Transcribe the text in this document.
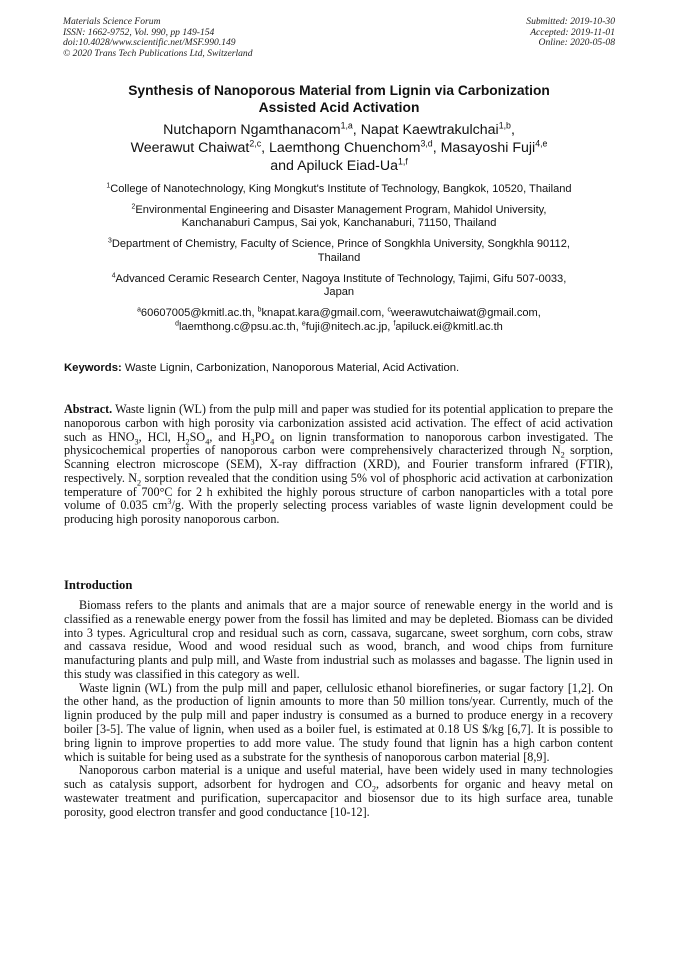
Materials Science Forum
ISSN: 1662-9752, Vol. 990, pp 149-154
doi:10.4028/www.scientific.net/MSF.990.149
© 2020 Trans Tech Publications Ltd, Switzerland
Submitted: 2019-10-30
Accepted: 2019-11-01
Online: 2020-05-08
Synthesis of Nanoporous Material from Lignin via Carbonization
Assisted Acid Activation
Nutchaporn Ngamthanacom$^{1,a}$, Napat Kaewtrakulchai$^{1,b}$,
Weerawut Chaiwat$^{2,c}$, Laemthong Chuenchom$^{3,d}$, Masayoshi Fuji$^{4,e}$
and Apiluck Eiad-Ua$^{1,f}$
$^1$College of Nanotechnology, King Mongkut's Institute of Technology, Bangkok, 10520, Thailand
$^2$Environmental Engineering and Disaster Management Program, Mahidol University,
Kanchanaburi Campus, Sai yok, Kanchanaburi, 71150, Thailand
$^3$Department of Chemistry, Faculty of Science, Prince of Songkhla University, Songkhla 90112,
Thailand
$^4$Advanced Ceramic Research Center, Nagoya Institute of Technology, Tajimi, Gifu 507-0033,
Japan
$^a$60607005@kmitl.ac.th, $^b$knapat.kara@gmail.com, $^c$weerawutchaiwat@gmail.com,
$^d$laemthong.c@psu.ac.th, $^e$fuji@nitech.ac.jp, $^f$apiluck.ei@kmitl.ac.th
Keywords: Waste Lignin, Carbonization, Nanoporous Material, Acid Activation.
Abstract. Waste lignin (WL) from the pulp mill and paper was studied for its potential application to prepare the nanoporous carbon with high porosity via carbonization assisted acid activation. The effect of acid activation such as $HNO_3$, HCl, $H_2SO_4$, and $H_3PO_4$ on lignin transformation to nanoporous carbon investigated. The physicochemical properties of nanoporous carbon were comprehensively characterized through $N_2$ sorption, Scanning electron microscope (SEM), X-ray diffraction (XRD), and Fourier transform infrared (FTIR), respectively. $N_2$ sorption revealed that the condition using 5% vol of phosphoric acid activation at carbonization temperature of 700°C for 2 h exhibited the highly porous structure of carbon nanoparticles with a total pore volume of 0.035 $cm^3/g$. With the properly selecting process variables of waste lignin development could be producing high porosity nanoporous carbon.
Introduction

Biomass refers to the plants and animals that are a major source of renewable energy in the world and is classified as a renewable energy power from the fossil has limited and may be depleted. Biomass can be divided into 3 types. Agricultural crop and residual such as corn, cassava, sugarcane, sweet sorghum, corn cobs, straw and cassava residue, Wood and wood residual such as wood, branch, and wood chips from furniture manufacturing plants and pulp mill, and Waste from industrial such as molasses and bagasse. The lignin used in this study was classified in this category as well.

Waste lignin (WL) from the pulp mill and paper, cellulosic ethanol biorefineries, or sugar factory [1,2]. On the other hand, as the production of lignin amounts to more than 50 million tons/year. Currently, much of the lignin produced by the pulp mill and paper industry is consumed as a burned to produce energy in a recovery boiler [3-5]. The value of lignin, when used as a boiler fuel, is estimated at 0.18 US $/kg [6,7]. It is possible to bring lignin to improve properties to add more value. The study found that lignin has a high carbon content which is suitable for being used as a substrate for the synthesis of nanoporous carbon material [8,9].

Nanoporous carbon material is a unique and useful material, have been widely used in many technologies such as catalysis support, adsorbent for hydrogen and $CO_2$, adsorbents for organic and heavy metal on wastewater treatment and purification, supercapacitor and biosensor due to its high surface area, tunable porosity, good electron transfer and good conductance [10-12].
